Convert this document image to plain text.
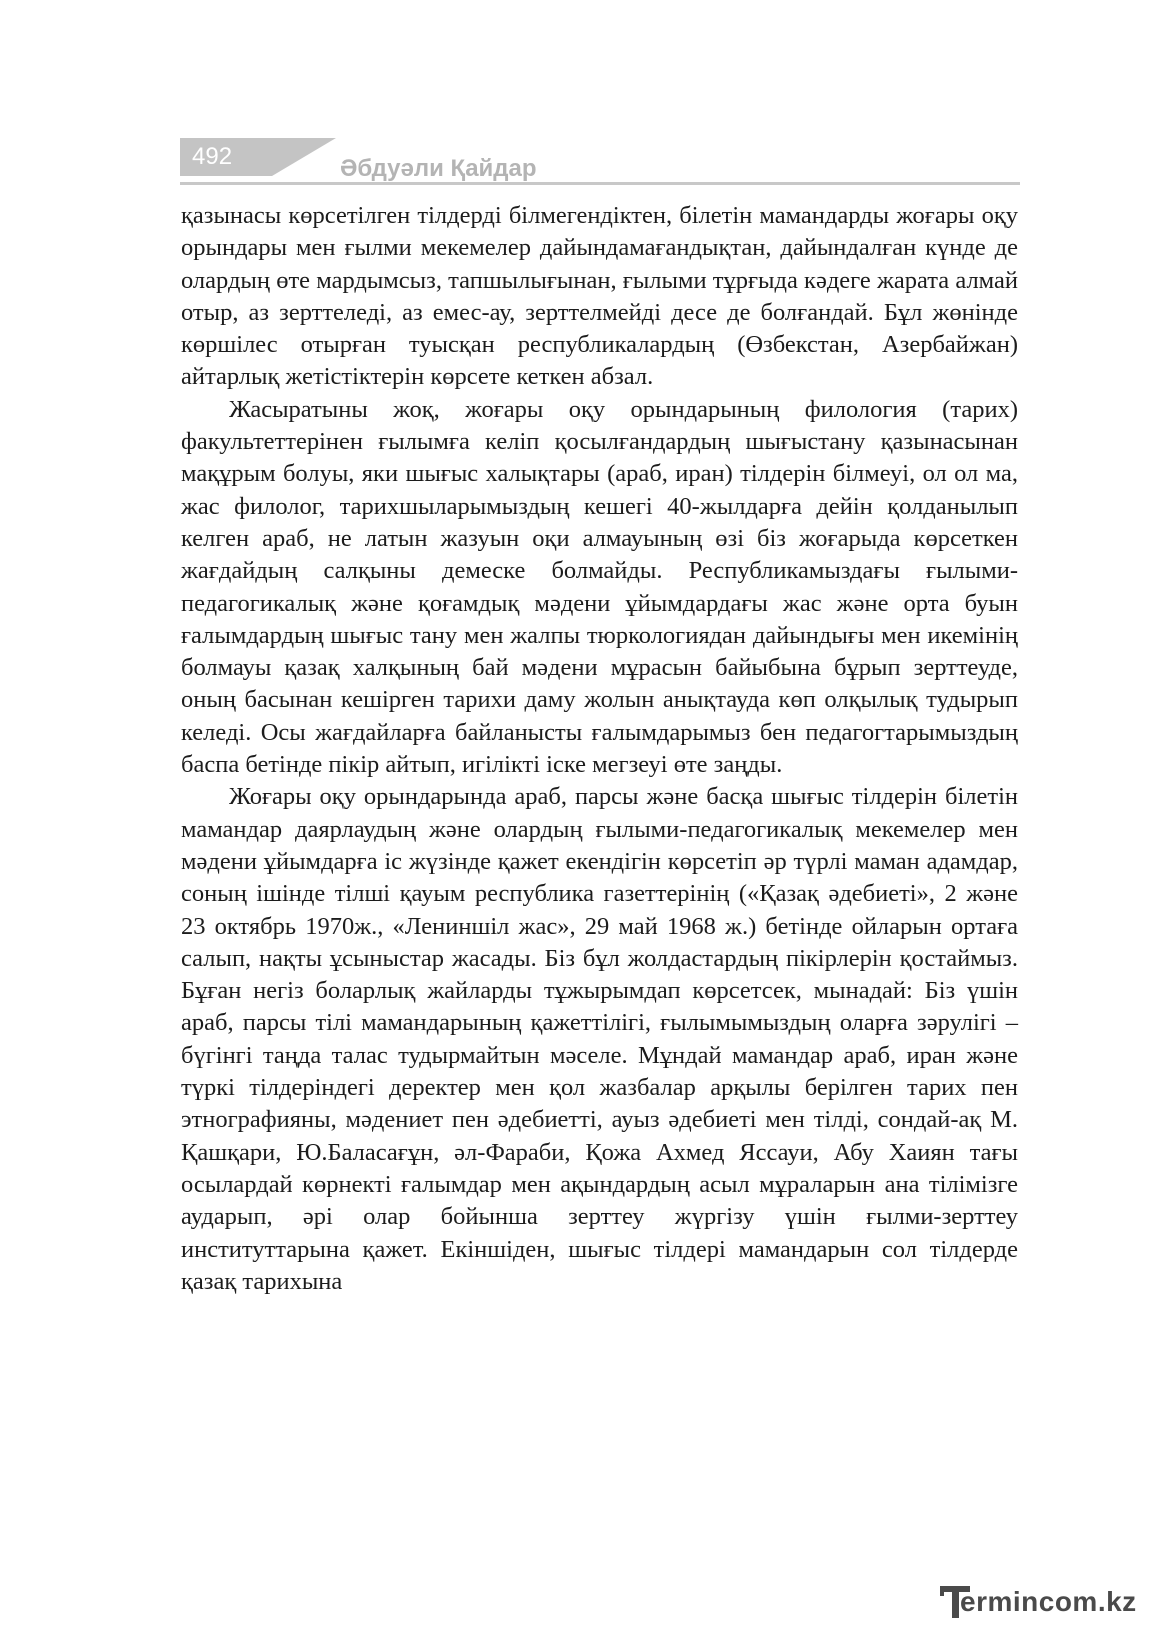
492	Әбдуәли Қайдар

қазынасы көрсетілген тілдерді білмегендіктен, білетін мамандарды жоғары оқу орындары мен ғылми мекемелер дайындамағандықтан, дайындалған күнде де олардың өте мардымсыз, тапшылығынан, ғылыми тұрғыда кәдеге жарата алмай отыр, аз зерттеледі, аз емес-ау, зерттелмейді десе де болғандай. Бұл жөнінде көршілес отырған туысқан республикалардың (Өзбекстан, Азербайжан) айтарлық жетістіктерін көрсете кеткен абзал.

Жасыратыны жоқ, жоғары оқу орындарының филология (тарих) факультеттерінен ғылымға келіп қосылғандардың шығыстану қазынасынан мақұрым болуы, яки шығыс халықтары (араб, иран) тілдерін білмеуі, ол ол ма, жас филолог, тарихшыларымыздың кешегі 40-жылдарға дейін қолданылып келген араб, не латын жазуын оқи алмауының өзі біз жоғарыда көрсеткен жағдайдың салқыны демеске болмайды. Республикамыздағы ғылыми-педагогикалық және қоғамдық мәдени ұйымдардағы жас және орта буын ғалымдардың шығыс тану мен жалпы тюркологиядан дайындығы мен икемінің болмауы қазақ халқының бай мәдени мұрасын байыбына бұрып зерттеуде, оның басынан кешірген тарихи даму жолын анықтауда көп олқылық тудырып келеді. Осы жағдайларға байланысты ғалымдарымыз бен педагогтарымыздың баспа бетінде пікір айтып, игілікті іске мегзеуі өте заңды.

Жоғары оқу орындарында араб, парсы және басқа шығыс тілдерін білетін мамандар даярлаудың және олардың ғылыми-педагогикалық мекемелер мен мәдени ұйымдарға іс жүзінде қажет екендігін көрсетіп әр түрлі маман адамдар, соның ішінде тілші қауым республика газеттерінің («Қазақ әдебиеті», 2 және 23 октябрь 1970ж., «Лениншіл жас», 29 май 1968 ж.) бетінде ойларын ортаға салып, нақты ұсыныстар жасады. Біз бұл жолдастардың пікірлерін қостаймыз. Бұған негіз боларлық жайларды тұжырымдап көрсетсек, мынадай: Біз үшін араб, парсы тілі мамандарының қажеттілігі, ғылымымыздың оларға зәрулігі – бүгінгі таңда талас тудырмайтын мәселе. Мұндай мамандар араб, иран және түркі тілдеріндегі деректер мен қол жазбалар арқылы берілген тарих пен этнографияны, мәдениет пен әдебиетті, ауыз әдебиеті мен тілді, сондай-ақ М. Қашқари, Ю.Баласағұн, әл-Фараби, Қожа Ахмед Яссауи, Абу Хаиян тағы осылардай көрнекті ғалымдар мен ақындардың асыл мұраларын ана тілімізге аударып, әрі олар бойынша зерттеу жүргізу үшін ғылми-зерттеу институттарына қажет. Екіншіден, шығыс тілдері мамандарын сол тілдерде қазақ тарихына

ermincom.kz
